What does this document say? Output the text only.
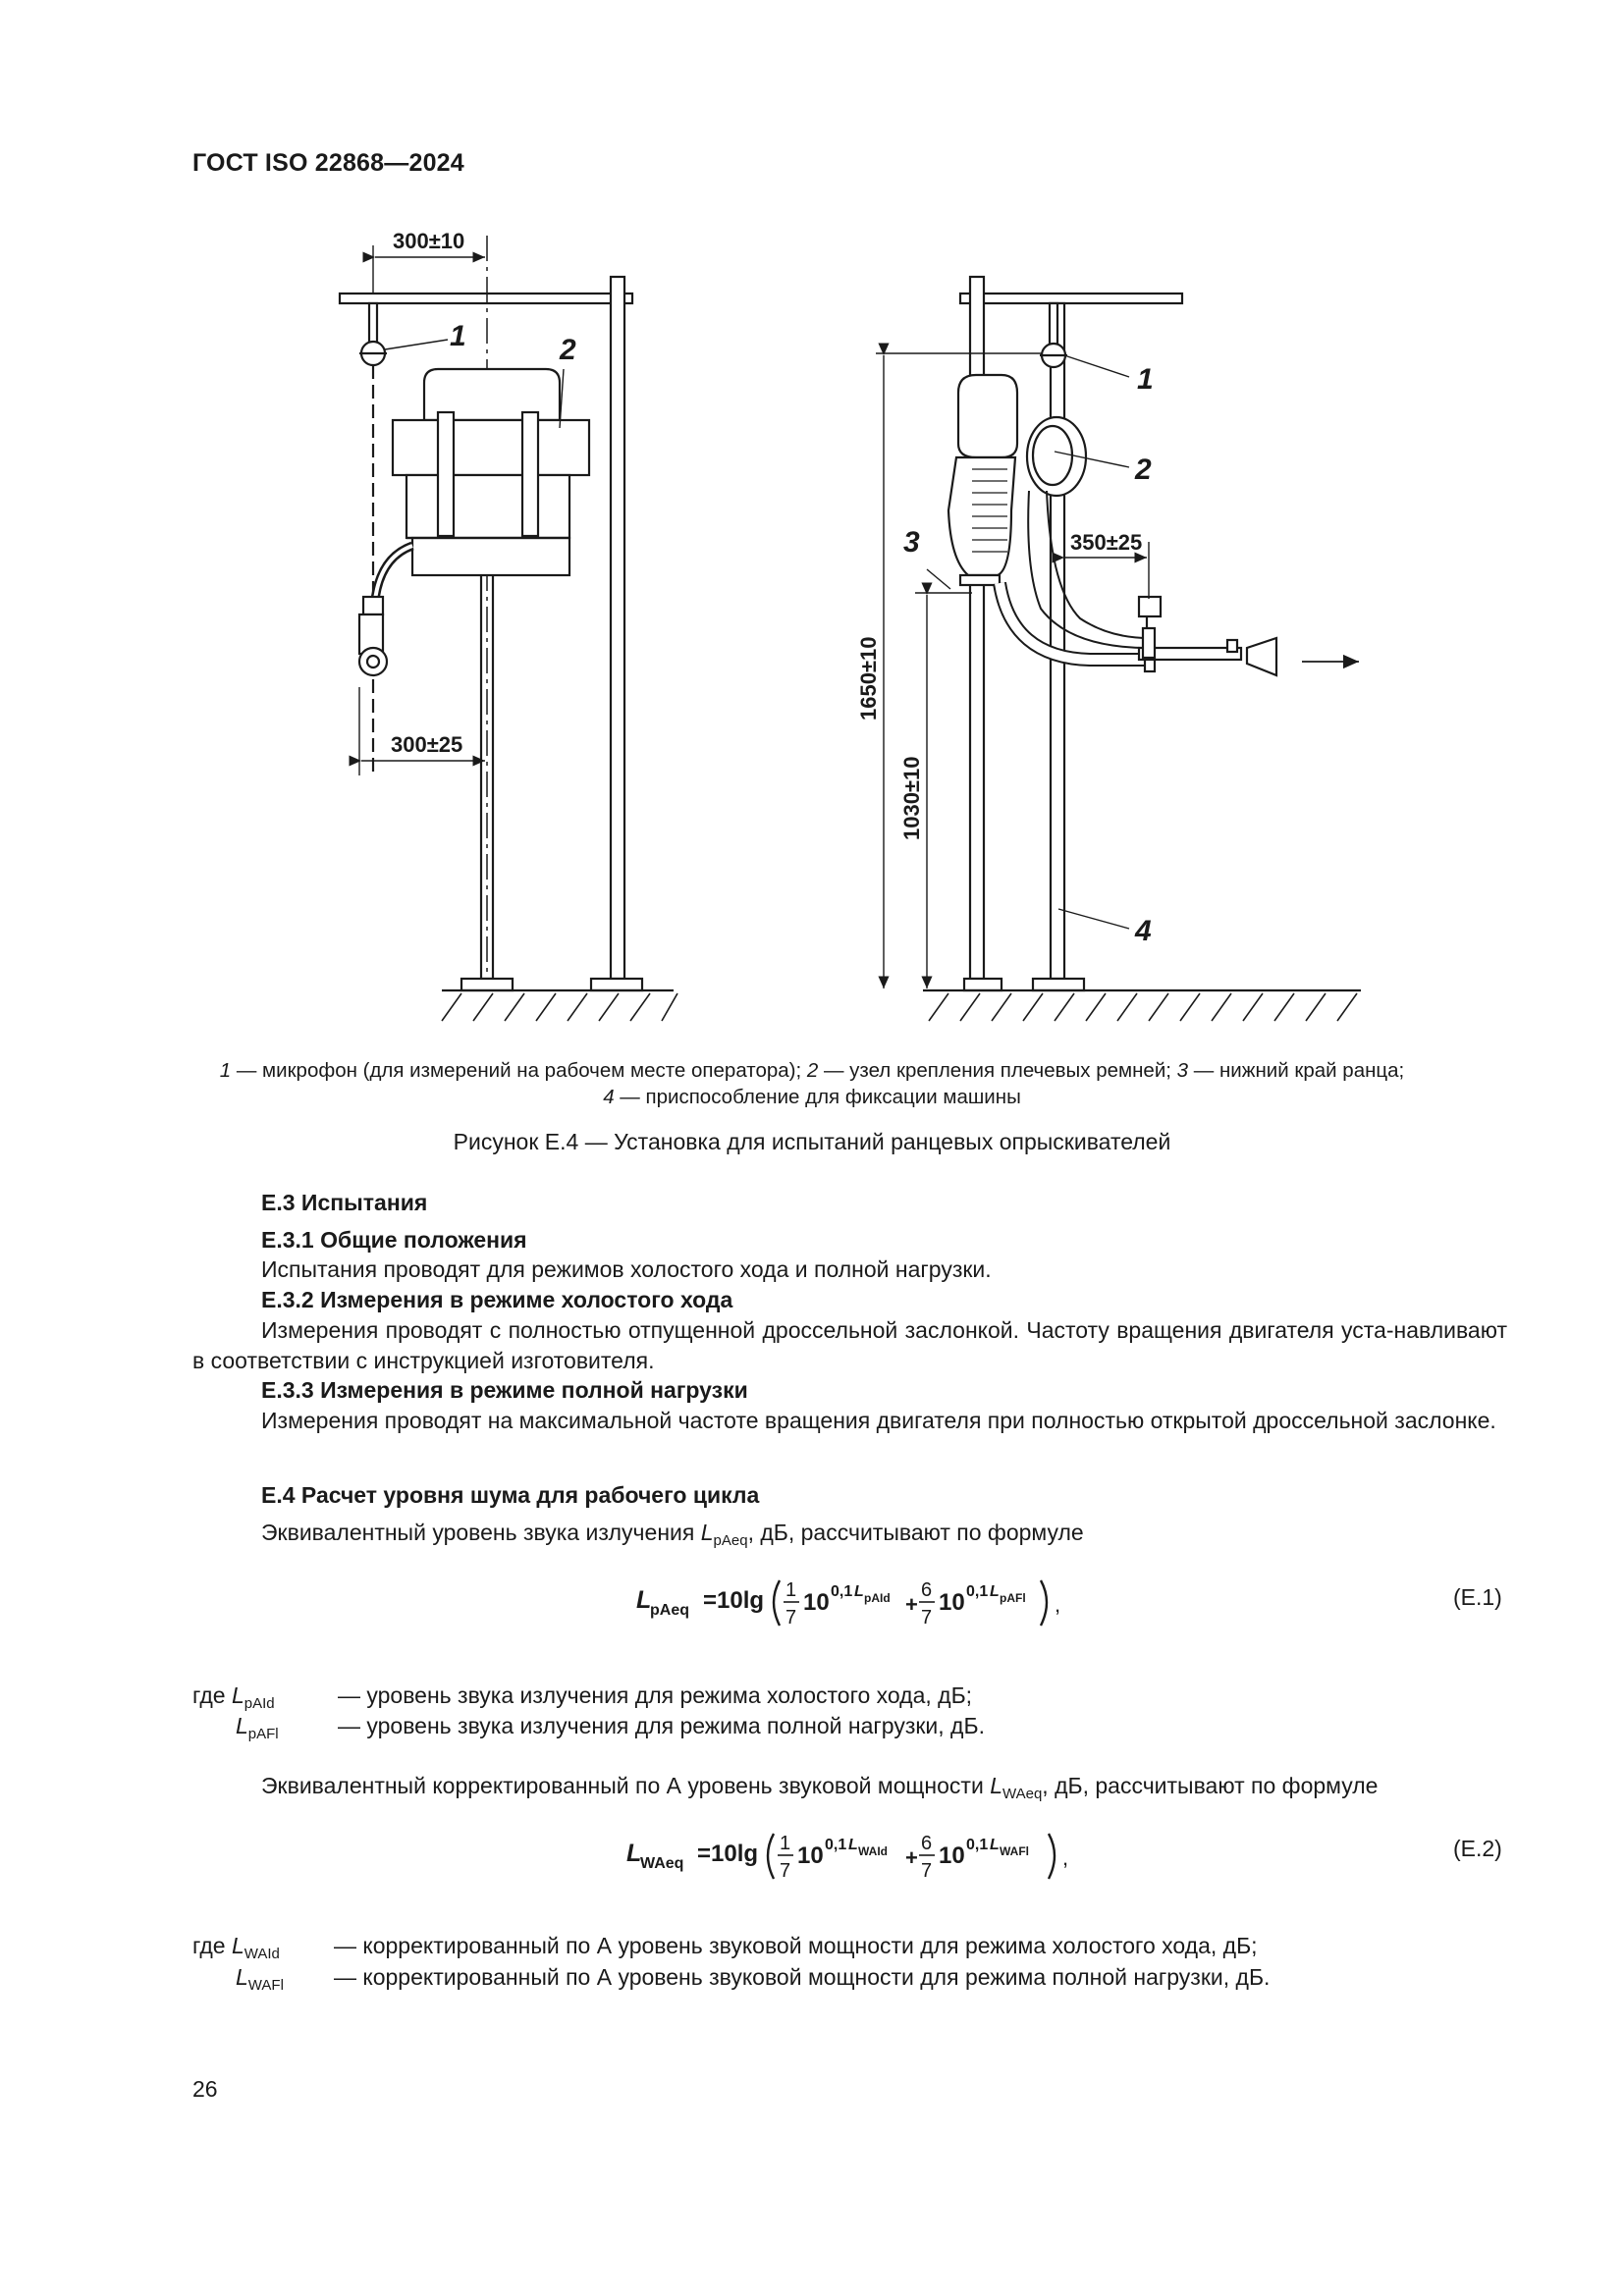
ГОСТ ISO 22868—2024
300±10
300±25
1	2
350±25
1650±10
1030±10
1
2
3
4
1 — микрофон (для измерений на рабочем месте оператора); 2 — узел крепления плечевых ремней; 3 — нижний край ранца;
4 — приспособление для фиксации машины
Рисунок Е.4 — Установка для испытаний ранцевых опрыскивателей
Е.3 Испытания
Е.3.1 Общие положения
Испытания проводят для режимов холостого хода и полной нагрузки.
Е.3.2 Измерения в режиме холостого хода
Измерения проводят с полностью отпущенной дроссельной заслонкой. Частоту вращения двигателя уста-навливают в соответствии с инструкцией изготовителя.
Е.3.3 Измерения в режиме полной нагрузки
Измерения проводят на максимальной частоте вращения двигателя при полностью открытой дроссельной заслонке.
Е.4 Расчет уровня шума для рабочего цикла
Эквивалентный уровень звука излучения $L_{pAeq}$, дБ, рассчитывают по формуле
L
pAeq =10lg 1
7
10 0,1 L pAId +
6
7
10 0,1 L pAFl ,	(Е.1)
где $L_{pAId}$	— уровень звука излучения для режима холостого хода, дБ;
$L_{pAFl}$	— уровень звука излучения для режима полной нагрузки, дБ.
Эквивалентный корректированный по А уровень звуковой мощности $L_{WAeq}$, дБ, рассчитывают по формуле
L
WAeq =10lg 1
7
10 0,1 L WAId +
6
7
10 0,1 L WAFl ,	(Е.2)
где $L_{WAId}$ — корректированный по А уровень звуковой мощности для режима холостого хода, дБ;
$L_{WAFl}$ — корректированный по А уровень звуковой мощности для режима полной нагрузки, дБ.
26
